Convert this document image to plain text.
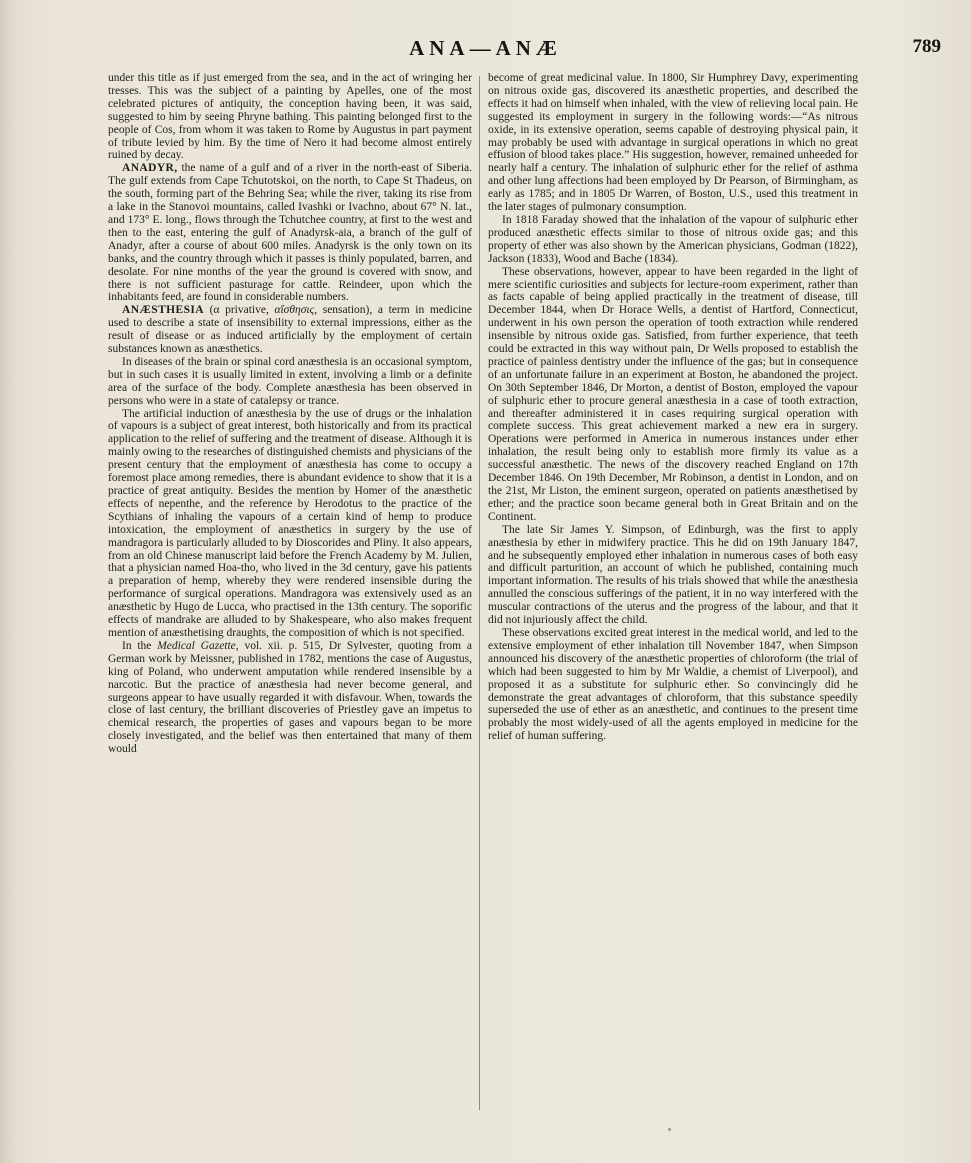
ANA—ANÆ	789

under this title as if just emerged from the sea, and in the act of wringing her tresses. This was the subject of a painting by Apelles, one of the most celebrated pictures of antiquity, the conception having been, it was said, suggested to him by seeing Phryne bathing. This painting belonged first to the people of Cos, from whom it was taken to Rome by Augustus in part payment of tribute levied by him. By the time of Nero it had become almost entirely ruined by decay.

ANADYR, the name of a gulf and of a river in the north-east of Siberia. The gulf extends from Cape Tchutotskoi, on the north, to Cape St Thadeus, on the south, forming part of the Behring Sea; while the river, taking its rise from a lake in the Stanovoi mountains, called Ivashki or Ivachno, about 67° N. lat., and 173° E. long., flows through the Tchutchee country, at first to the west and then to the east, entering the gulf of Anadyrsk-aia, a branch of the gulf of Anadyr, after a course of about 600 miles. Anadyrsk is the only town on its banks, and the country through which it passes is thinly populated, barren, and desolate. For nine months of the year the ground is covered with snow, and there is not sufficient pasturage for cattle. Reindeer, upon which the inhabitants feed, are found in considerable numbers.

ANÆSTHESIA (α privative, αἴσθησις, sensation), a term in medicine used to describe a state of insensibility to external impressions, either as the result of disease or as induced artificially by the employment of certain substances known as anæsthetics.

In diseases of the brain or spinal cord anæsthesia is an occasional symptom, but in such cases it is usually limited in extent, involving a limb or a definite area of the surface of the body. Complete anæsthesia has been observed in persons who were in a state of catalepsy or trance.

The artificial induction of anæsthesia by the use of drugs or the inhalation of vapours is a subject of great interest, both historically and from its practical application to the relief of suffering and the treatment of disease. Although it is mainly owing to the researches of distinguished chemists and physicians of the present century that the employment of anæsthesia has come to occupy a foremost place among remedies, there is abundant evidence to show that it is a practice of great antiquity. Besides the mention by Homer of the anæsthetic effects of nepenthe, and the reference by Herodotus to the practice of the Scythians of inhaling the vapours of a certain kind of hemp to produce intoxication, the employment of anæsthetics in surgery by the use of mandragora is particularly alluded to by Dioscorides and Pliny. It also appears, from an old Chinese manuscript laid before the French Academy by M. Julien, that a physician named Hoa-tho, who lived in the 3d century, gave his patients a preparation of hemp, whereby they were rendered insensible during the performance of surgical operations. Mandragora was extensively used as an anæsthetic by Hugo de Lucca, who practised in the 13th century. The soporific effects of mandrake are alluded to by Shakespeare, who also makes frequent mention of anæsthetising draughts, the composition of which is not specified.

In the Medical Gazette, vol. xii. p. 515, Dr Sylvester, quoting from a German work by Meissner, published in 1782, mentions the case of Augustus, king of Poland, who underwent amputation while rendered insensible by a narcotic. But the practice of anæsthesia had never become general, and surgeons appear to have usually regarded it with disfavour. When, towards the close of last century, the brilliant discoveries of Priestley gave an impetus to chemical research, the properties of gases and vapours began to be more closely investigated, and the belief was then entertained that many of them would

become of great medicinal value. In 1800, Sir Humphrey Davy, experimenting on nitrous oxide gas, discovered its anæsthetic properties, and described the effects it had on himself when inhaled, with the view of relieving local pain. He suggested its employment in surgery in the following words:—“As nitrous oxide, in its extensive operation, seems capable of destroying physical pain, it may probably be used with advantage in surgical operations in which no great effusion of blood takes place.” His suggestion, however, remained unheeded for nearly half a century. The inhalation of sulphuric ether for the relief of asthma and other lung affections had been employed by Dr Pearson, of Birmingham, as early as 1785; and in 1805 Dr Warren, of Boston, U.S., used this treatment in the later stages of pulmonary consumption.

In 1818 Faraday showed that the inhalation of the vapour of sulphuric ether produced anæsthetic effects similar to those of nitrous oxide gas; and this property of ether was also shown by the American physicians, Godman (1822), Jackson (1833), Wood and Bache (1834).

These observations, however, appear to have been regarded in the light of mere scientific curiosities and subjects for lecture-room experiment, rather than as facts capable of being applied practically in the treatment of disease, till December 1844, when Dr Horace Wells, a dentist of Hartford, Connecticut, underwent in his own person the operation of tooth extraction while rendered insensible by nitrous oxide gas. Satisfied, from further experience, that teeth could be extracted in this way without pain, Dr Wells proposed to establish the practice of painless dentistry under the influence of the gas; but in consequence of an unfortunate failure in an experiment at Boston, he abandoned the project. On 30th September 1846, Dr Morton, a dentist of Boston, employed the vapour of sulphuric ether to procure general anæsthesia in a case of tooth extraction, and thereafter administered it in cases requiring surgical operation with complete success. This great achievement marked a new era in surgery. Operations were performed in America in numerous instances under ether inhalation, the result being only to establish more firmly its value as a successful anæsthetic. The news of the discovery reached England on 17th December 1846. On 19th December, Mr Robinson, a dentist in London, and on the 21st, Mr Liston, the eminent surgeon, operated on patients anæsthetised by ether; and the practice soon became general both in Great Britain and on the Continent.

The late Sir James Y. Simpson, of Edinburgh, was the first to apply anæsthesia by ether in midwifery practice. This he did on 19th January 1847, and he subsequently employed ether inhalation in numerous cases of both easy and difficult parturition, an account of which he published, containing much important information. The results of his trials showed that while the anæsthesia annulled the conscious sufferings of the patient, it in no way interfered with the muscular contractions of the uterus and the progress of the labour, and that it did not injuriously affect the child.

These observations excited great interest in the medical world, and led to the extensive employment of ether inhalation till November 1847, when Simpson announced his discovery of the anæsthetic properties of chloroform (the trial of which had been suggested to him by Mr Waldie, a chemist of Liverpool), and proposed it as a substitute for sulphuric ether. So convincingly did he demonstrate the great advantages of chloroform, that this substance speedily superseded the use of ether as an anæsthetic, and continues to the present time probably the most widely-used of all the agents employed in medicine for the relief of human suffering.
